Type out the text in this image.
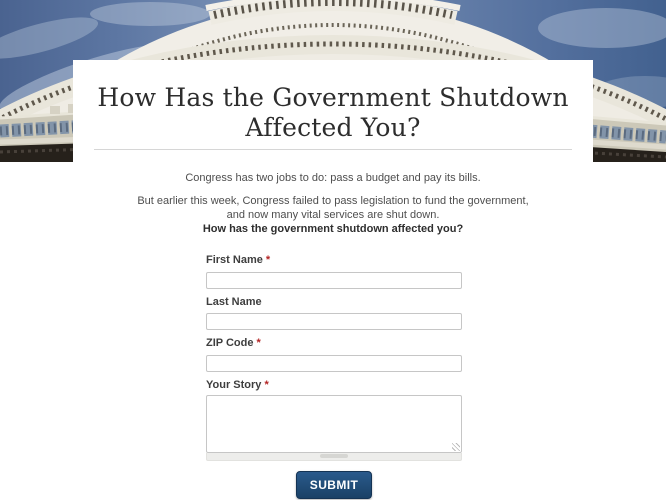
How Has the Government Shutdown
Affected You?

Congress has two jobs to do: pass a budget and pay its bills.

But earlier this week, Congress failed to pass legislation to fund the government,
and now many vital services are shut down.
How has the government shutdown affected you?

First Name *
Last Name
ZIP Code *
Your Story *
SUBMIT
